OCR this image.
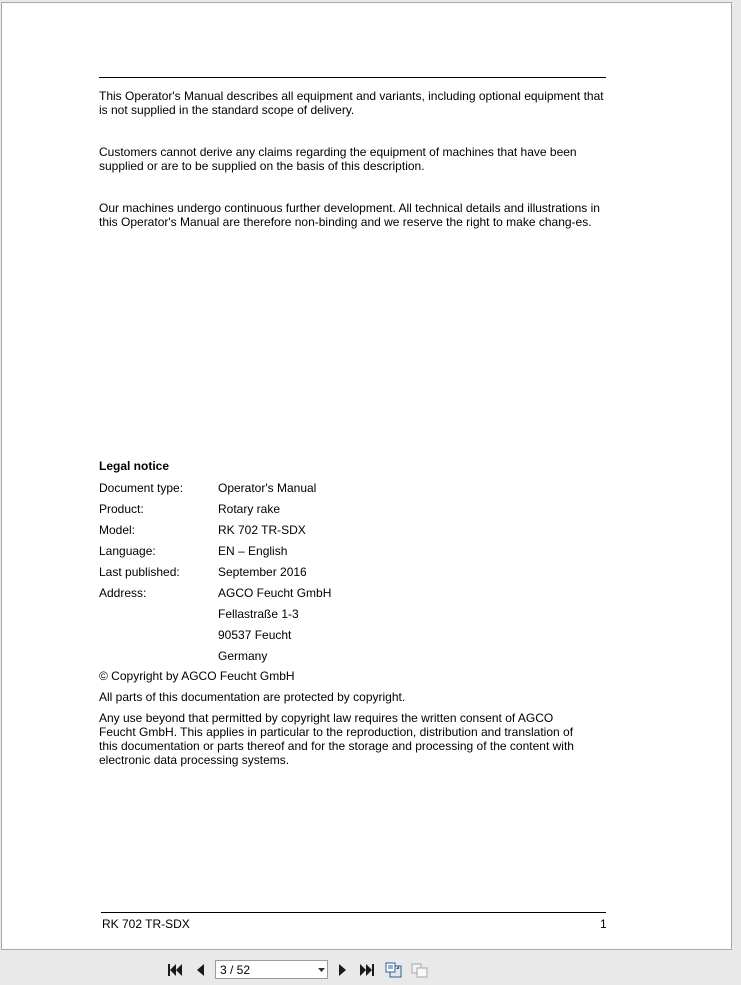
This Operator's Manual describes all equipment and variants, including optional equipment that is not supplied in the standard scope of delivery.
Customers cannot derive any claims regarding the equipment of machines that have been supplied or are to be supplied on the basis of this description.
Our machines undergo continuous further development. All technical details and illustrations in this Operator's Manual are therefore non-binding and we reserve the right to make chang-es.
Legal notice
Document type:	Operator's Manual
Product:	Rotary rake
Model:	RK 702 TR-SDX
Language:	EN – English
Last published:	September 2016
Address:	AGCO Feucht GmbH
Fellastraße 1-3
90537 Feucht
Germany
© Copyright by AGCO Feucht GmbH
All parts of this documentation are protected by copyright.
Any use beyond that permitted by copyright law requires the written consent of AGCO
Feucht GmbH. This applies in particular to the reproduction, distribution and translation of
this documentation or parts thereof and for the storage and processing of the content with
electronic data processing systems.
RK 702 TR-SDX	1
3 / 52
